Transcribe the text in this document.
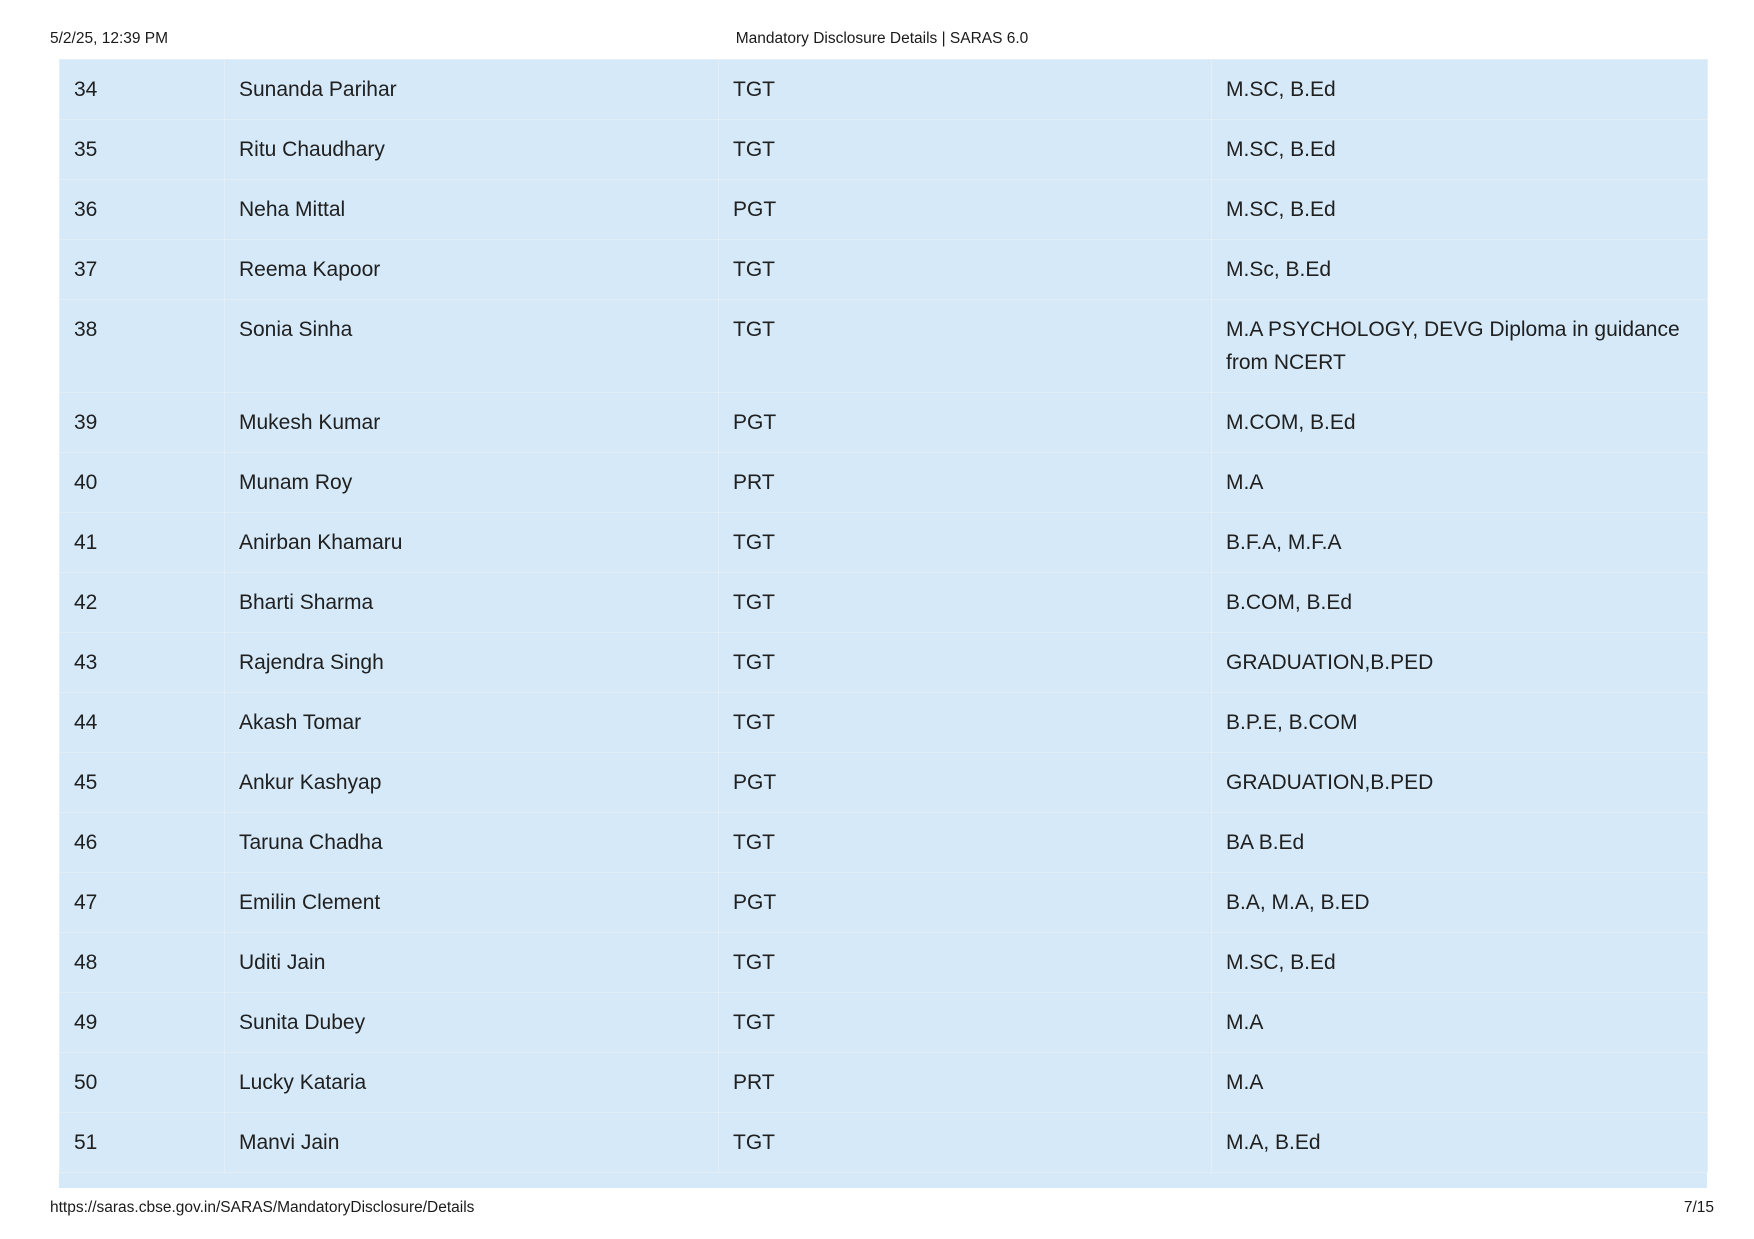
5/2/25, 12:39 PM	Mandatory Disclosure Details | SARAS 6.0
34	Sunanda Parihar	TGT	M.SC, B.Ed

35	Ritu Chaudhary	TGT	M.SC, B.Ed

36	Neha Mittal	PGT	M.SC, B.Ed

37	Reema Kapoor	TGT	M.Sc, B.Ed

38	Sonia Sinha	TGT	M.A PSYCHOLOGY, DEVG Diploma in guidance from NCERT

39	Mukesh Kumar	PGT	M.COM, B.Ed

40	Munam Roy	PRT	M.A

41	Anirban Khamaru	TGT	B.F.A, M.F.A

42	Bharti Sharma	TGT	B.COM, B.Ed

43	Rajendra Singh	TGT	GRADUATION,B.PED

44	Akash Tomar	TGT	B.P.E, B.COM

45	Ankur Kashyap	PGT	GRADUATION,B.PED

46	Taruna Chadha	TGT	BA B.Ed

47	Emilin Clement	PGT	B.A, M.A, B.ED

48	Uditi Jain	TGT	M.SC, B.Ed

49	Sunita Dubey	TGT	M.A

50	Lucky Kataria	PRT	M.A

51	Manvi Jain	TGT	M.A, B.Ed
https://saras.cbse.gov.in/SARAS/MandatoryDisclosure/Details	7/15
